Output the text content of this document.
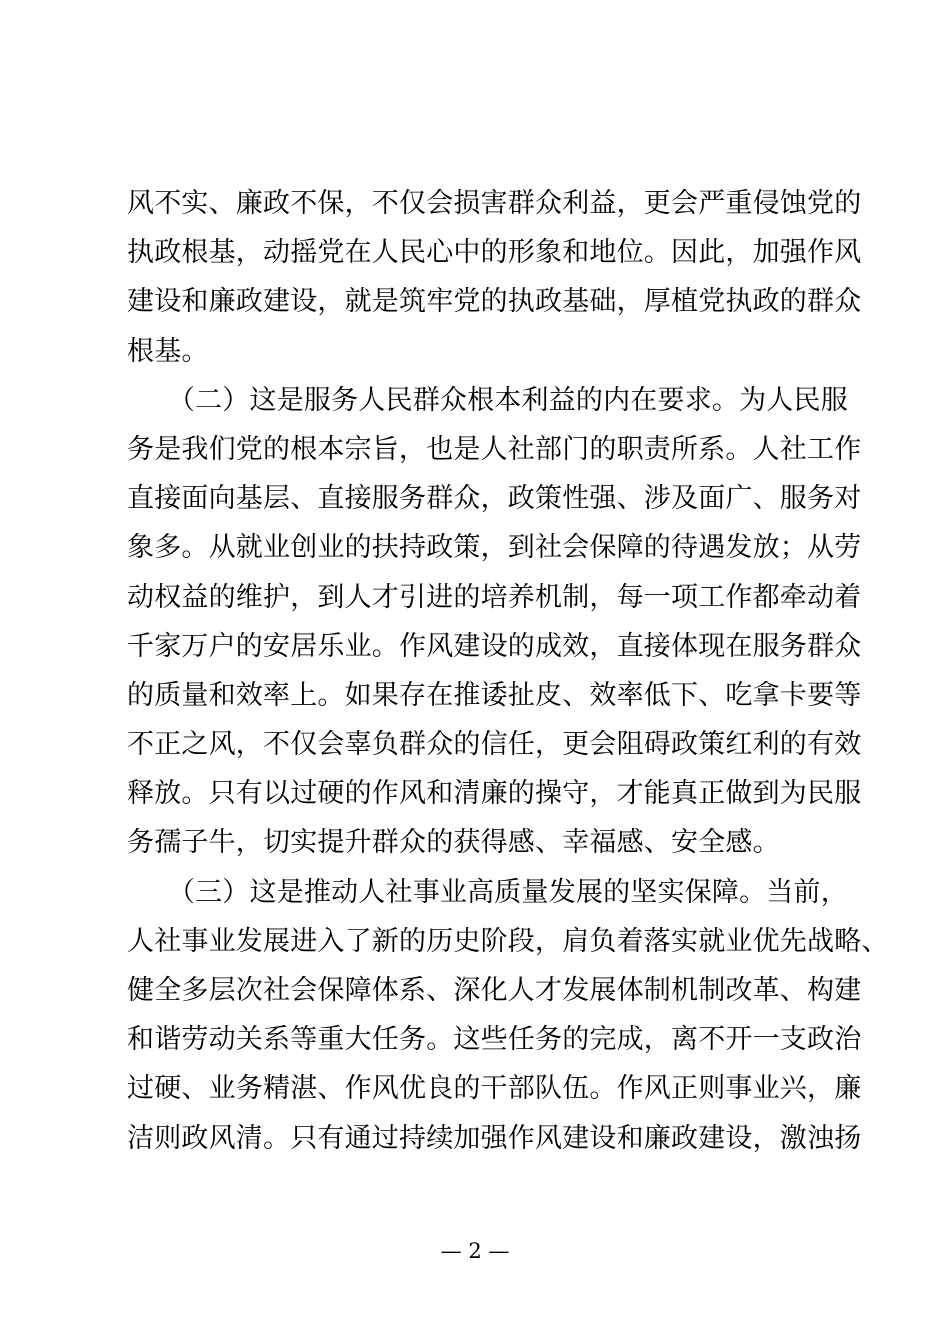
风不实、廉政不保，不仅会损害群众利益，更会严重侵蚀党的
执政根基，动摇党在人民心中的形象和地位。因此，加强作风
建设和廉政建设，就是筑牢党的执政基础，厚植党执政的群众
根基。
　　（二）这是服务人民群众根本利益的内在要求。为人民服
务是我们党的根本宗旨，也是人社部门的职责所系。人社工作
直接面向基层、直接服务群众，政策性强、涉及面广、服务对
象多。从就业创业的扶持政策，到社会保障的待遇发放；从劳
动权益的维护，到人才引进的培养机制，每一项工作都牵动着
千家万户的安居乐业。作风建设的成效，直接体现在服务群众
的质量和效率上。如果存在推诿扯皮、效率低下、吃拿卡要等
不正之风，不仅会辜负群众的信任，更会阻碍政策红利的有效
释放。只有以过硬的作风和清廉的操守，才能真正做到为民服
务孺子牛，切实提升群众的获得感、幸福感、安全感。
　　（三）这是推动人社事业高质量发展的坚实保障。当前，
人社事业发展进入了新的历史阶段，肩负着落实就业优先战略、
健全多层次社会保障体系、深化人才发展体制机制改革、构建
和谐劳动关系等重大任务。这些任务的完成，离不开一支政治
过硬、业务精湛、作风优良的干部队伍。作风正则事业兴，廉
洁则政风清。只有通过持续加强作风建设和廉政建设，激浊扬
— 2 —
